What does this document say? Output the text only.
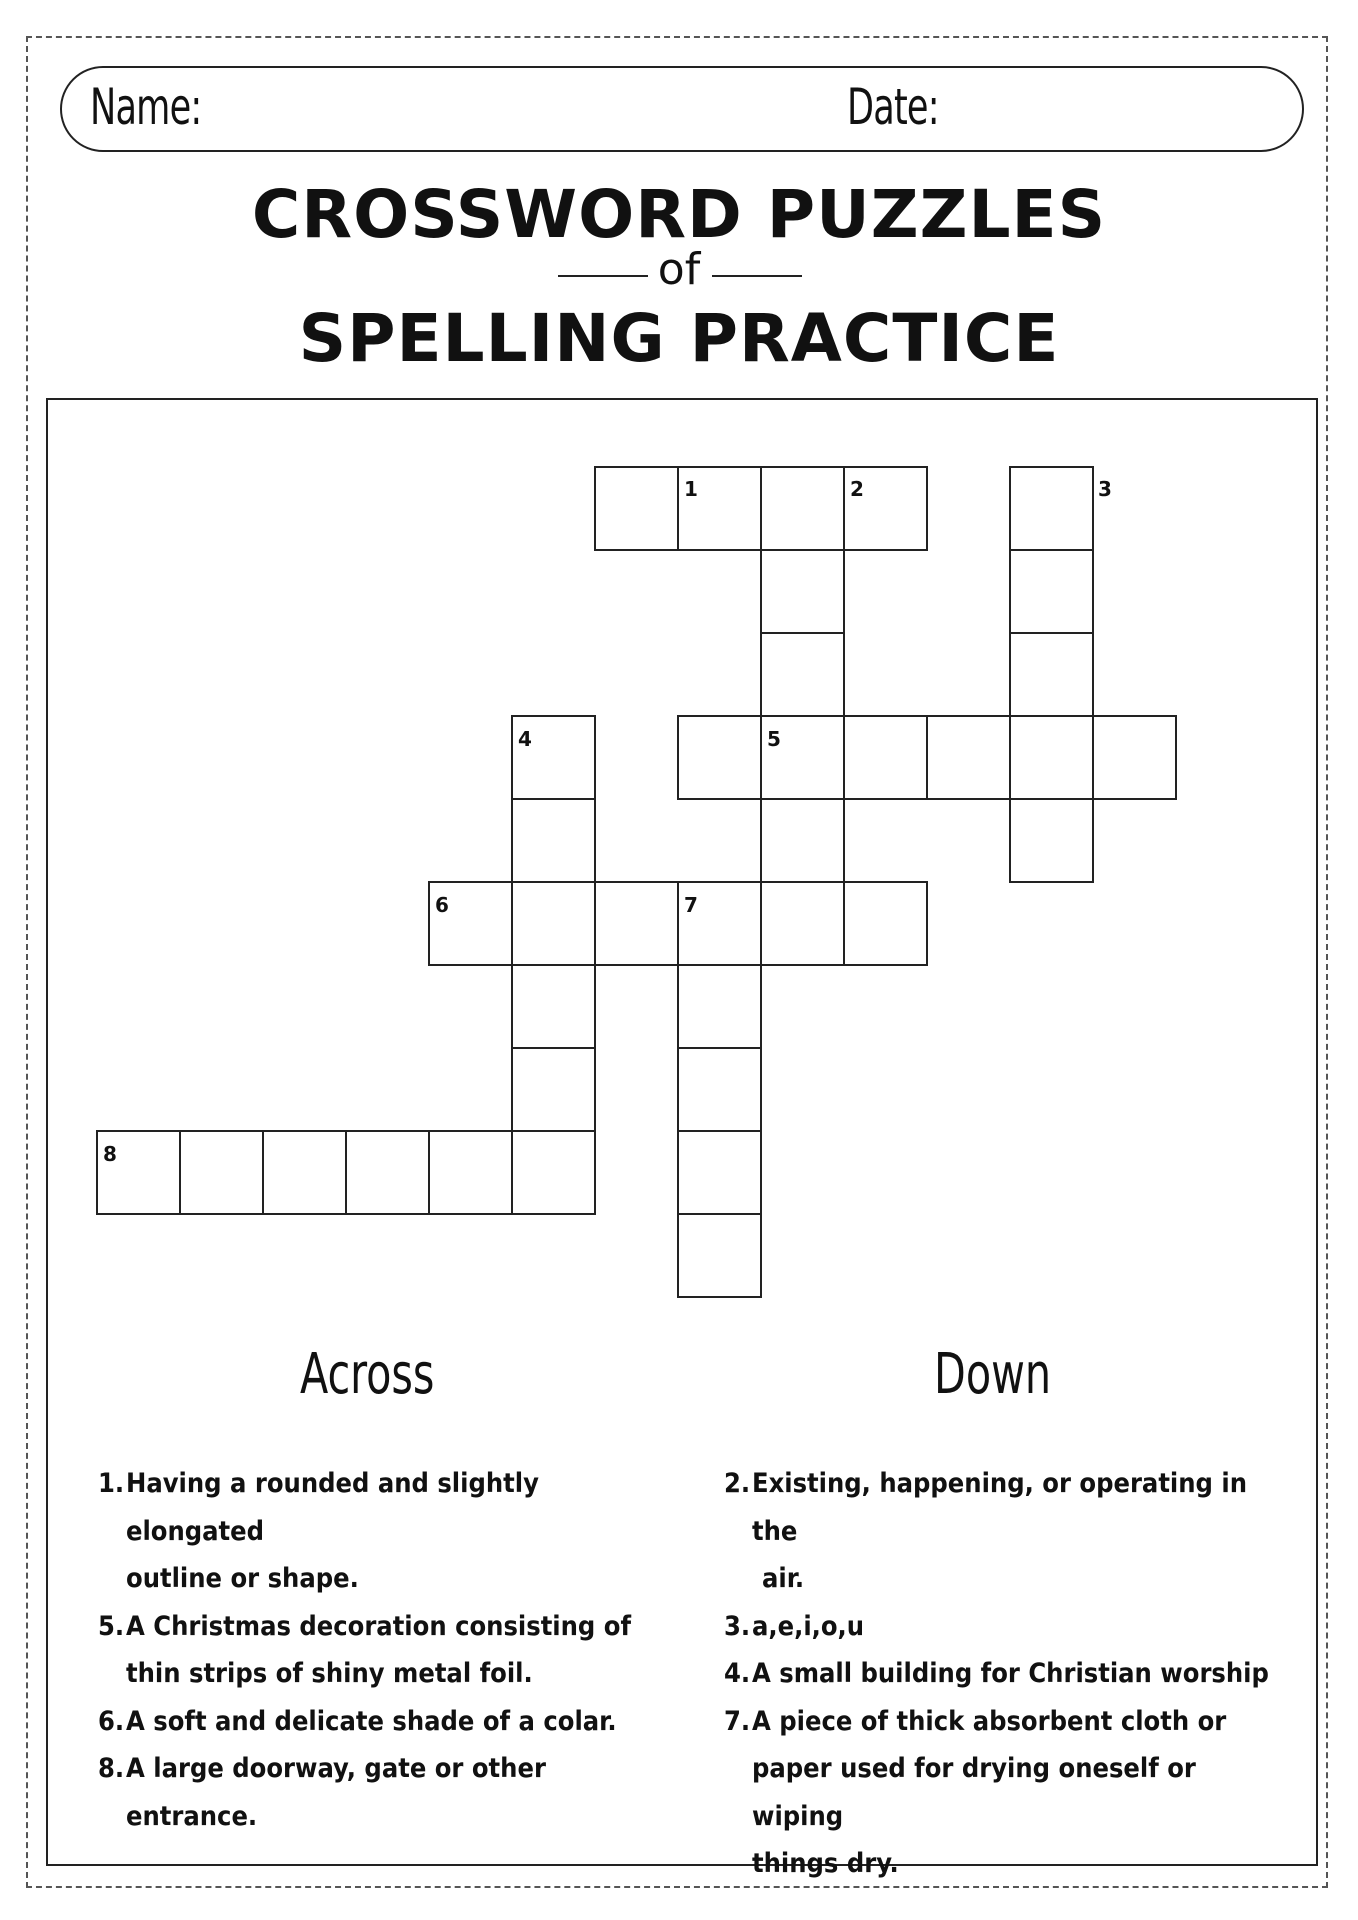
Name:	Date:
CROSSWORD PUZZLES
of
SPELLING PRACTICE
1	2	3
4	5
6	7
8
Across	Down
1. Having a rounded and slightly elongated
outline or shape.
5. A Christmas decoration consisting of
thin strips of shiny metal foil.
6. A soft and delicate shade of a colar.
8. A large doorway, gate or other
entrance.
2. Existing, happening, or operating in the
air.
3. a,e,i,o,u
4. A small building for Christian worship
7. A piece of thick absorbent cloth or
paper used for drying oneself or wiping
things dry.
